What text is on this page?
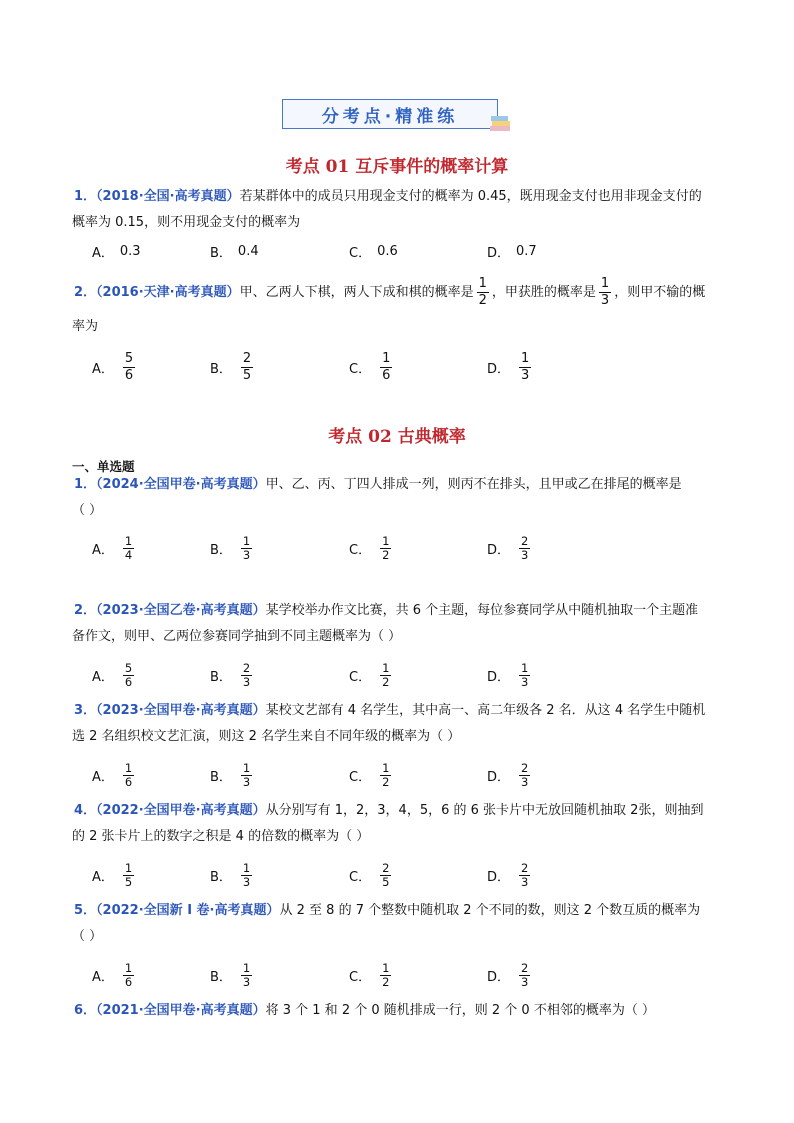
分考点·精准练
考点 01 互斥事件的概率计算
1．（2018·全国·高考真题）若某群体中的成员只用现金支付的概率为 0.45，既用现金支付也用非现金支付的
概率为 0.15，则不用现金支付的概率为
A． 0.3	B． 0.4	C． 0.6	D． 0.7
2．（2016·天津·高考真题）甲、乙两人下棋，两人下成和棋的概率是 $\frac{1}{2}$ ，甲获胜的概率是 $\frac{1}{3}$ ，则甲不输的概
率为
A． $\frac{5}{6}$	B． $\frac{2}{5}$	C． $\frac{1}{6}$	D． $\frac{1}{3}$
考点 02 古典概率
一、单选题
1．（2024·全国甲卷·高考真题）甲、乙、丙、丁四人排成一列，则丙不在排头，且甲或乙在排尾的概率是
（ ）
A． $\frac{1}{4}$	B． $\frac{1}{3}$	C． $\frac{1}{2}$	D． $\frac{2}{3}$
2．（2023·全国乙卷·高考真题）某学校举办作文比赛，共 6 个主题，每位参赛同学从中随机抽取一个主题准
备作文，则甲、乙两位参赛同学抽到不同主题概率为（ ）
A． $\frac{5}{6}$	B． $\frac{2}{3}$	C． $\frac{1}{2}$	D． $\frac{1}{3}$
3．（2023·全国甲卷·高考真题）某校文艺部有 4 名学生，其中高一、高二年级各 2 名．从这 4 名学生中随机
选 2 名组织校文艺汇演，则这 2 名学生来自不同年级的概率为（ ）
A． $\frac{1}{6}$	B． $\frac{1}{3}$	C． $\frac{1}{2}$	D． $\frac{2}{3}$
4．（2022·全国甲卷·高考真题）从分别写有 1，2，3，4，5，6 的 6 张卡片中无放回随机抽取 2张，则抽到
的 2 张卡片上的数字之积是 4 的倍数的概率为（ ）
A． $\frac{1}{5}$	B． $\frac{1}{3}$	C． $\frac{2}{5}$	D． $\frac{2}{3}$
5．（2022·全国新 Ⅰ 卷·高考真题）从 2 至 8 的 7 个整数中随机取 2 个不同的数，则这 2 个数互质的概率为
（ ）
A． $\frac{1}{6}$	B． $\frac{1}{3}$	C． $\frac{1}{2}$	D． $\frac{2}{3}$
6．（2021·全国甲卷·高考真题）将 3 个 1 和 2 个 0 随机排成一行，则 2 个 0 不相邻的概率为（ ）
